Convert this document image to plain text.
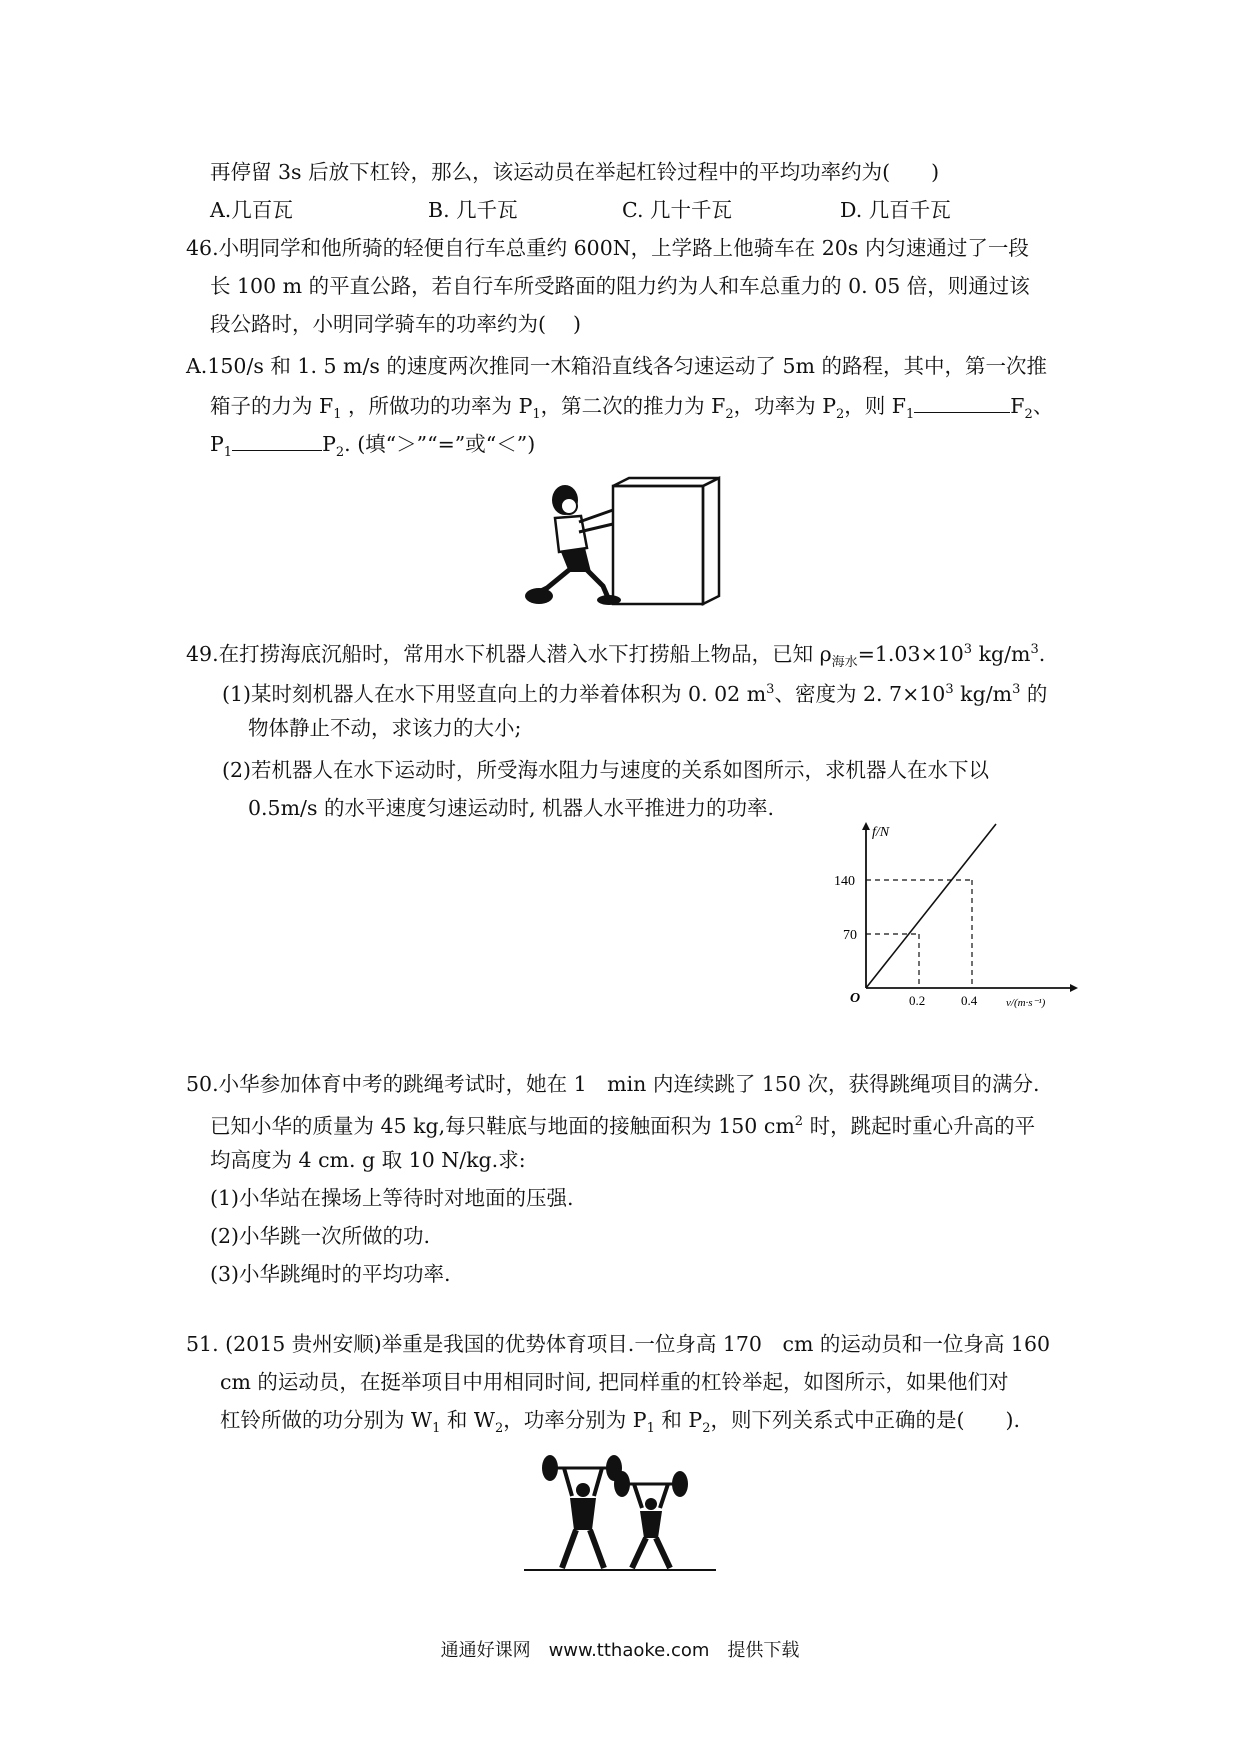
再停留 3s 后放下杠铃，那么，该运动员在举起杠铃过程中的平均功率约为(　　)
A.几百瓦	B. 几千瓦	C. 几十千瓦	D. 几百千瓦
46.小明同学和他所骑的轻便自行车总重约 600N，上学路上他骑车在 20s 内匀速通过了一段
长 100 m 的平直公路，若自行车所受路面的阻力约为人和车总重力的 0. 05 倍，则通过该
段公路时，小明同学骑车的功率约为(　 )
A.150/s 和 1. 5 m/s 的速度两次推同一木箱沿直线各匀速运动了 5m 的路程，其中，第一次推
箱子的力为 $F_1$ ，所做功的功率为 $P_1$，第二次的推力为 $F_2$，功率为 $P_2$，则 $F_1$	$F_2$、
$P_1$	$P_2$. (填“＞”“=”或“＜”)
49.在打捞海底沉船时，常用水下机器人潜入水下打捞船上物品，已知 $\rho_{海水}=1.03\times 10^3$ $kg/m^3$.
(1)某时刻机器人在水下用竖直向上的力举着体积为 0. 02 $m^3$、密度为 2. $7\times 10^3$ $kg/m^3$ 的
物体静止不动，求该力的大小;
(2)若机器人在水下运动时，所受海水阻力与速度的关系如图所示，求机器人在水下以
0.5m/s 的水平速度匀速运动时, 机器人水平推进力的功率.
f/N
140
70
O	0.2	0.4	v/(m·s⁻¹)
50.小华参加体育中考的跳绳考试时，她在 1　min 内连续跳了 150 次，获得跳绳项目的满分.
已知小华的质量为 45 kg,每只鞋底与地面的接触面积为 150 $cm^2$ 时，跳起时重心升高的平
均高度为 4 cm. g 取 10 N/kg.求:
(1)小华站在操场上等待时对地面的压强.
(2)小华跳一次所做的功.
(3)小华跳绳时的平均功率.
51. (2015 贵州安顺)举重是我国的优势体育项目.一位身高 170　cm 的运动员和一位身高 160
cm 的运动员，在挺举项目中用相同时间, 把同样重的杠铃举起，如图所示，如果他们对
杠铃所做的功分别为 $W_1$ 和 $W_2$，功率分别为 $P_1$ 和 $P_2$，则下列关系式中正确的是(　　).
通通好课网　www.tthaoke.com　提供下载
